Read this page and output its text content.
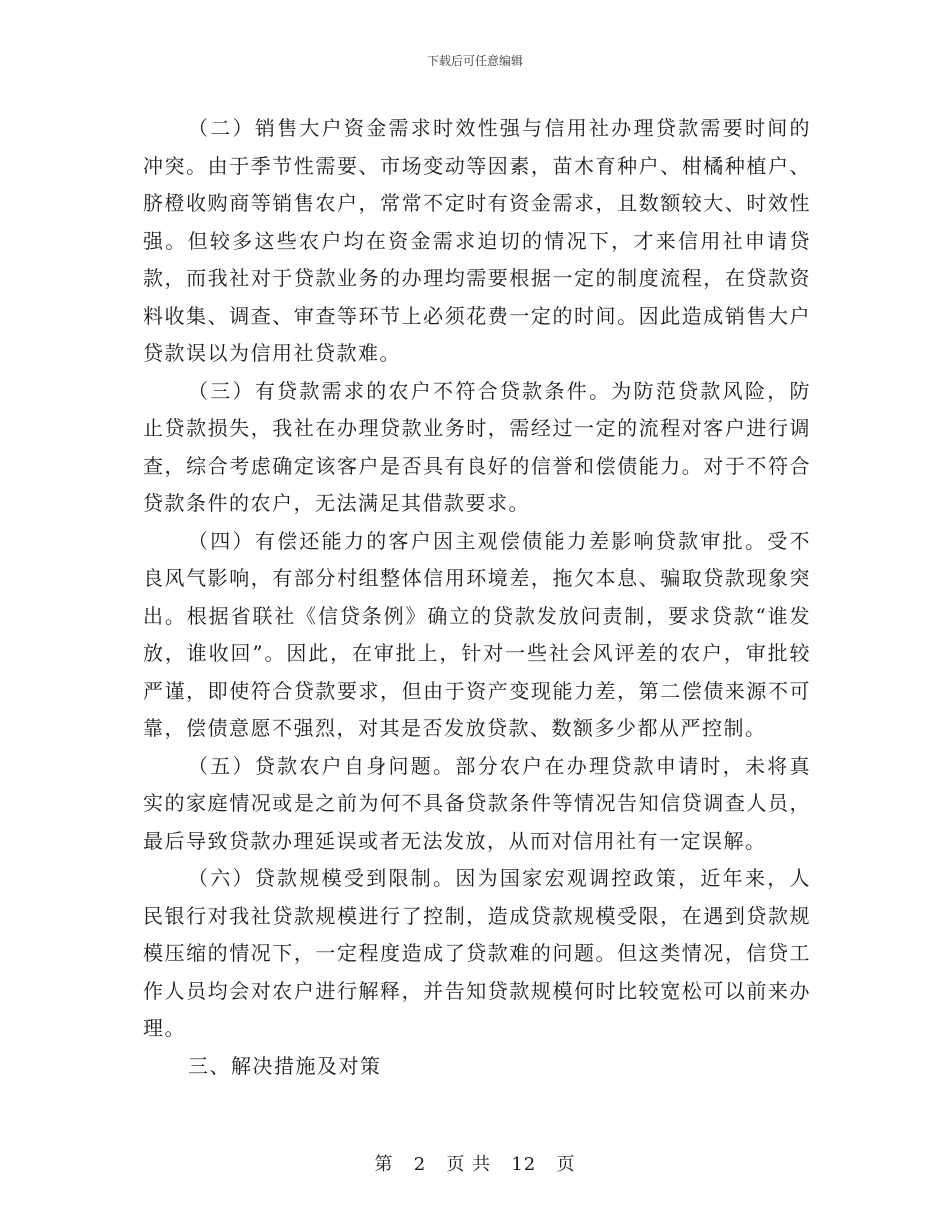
下载后可任意编辑

（二）销售大户资金需求时效性强与信用社办理贷款需要时间的冲突。由于季节性需要、市场变动等因素，苗木育种户、柑橘种植户、脐橙收购商等销售农户，常常不定时有资金需求，且数额较大、时效性强。但较多这些农户均在资金需求迫切的情况下，才来信用社申请贷款，而我社对于贷款业务的办理均需要根据一定的制度流程，在贷款资料收集、调查、审查等环节上必须花费一定的时间。因此造成销售大户贷款误以为信用社贷款难。

（三）有贷款需求的农户不符合贷款条件。为防范贷款风险，防止贷款损失，我社在办理贷款业务时，需经过一定的流程对客户进行调查，综合考虑确定该客户是否具有良好的信誉和偿债能力。对于不符合贷款条件的农户，无法满足其借款要求。

（四）有偿还能力的客户因主观偿债能力差影响贷款审批。受不良风气影响，有部分村组整体信用环境差，拖欠本息、骗取贷款现象突出。根据省联社《信贷条例》确立的贷款发放问责制，要求贷款“谁发放，谁收回”。因此，在审批上，针对一些社会风评差的农户，审批较严谨，即使符合贷款要求，但由于资产变现能力差，第二偿债来源不可靠，偿债意愿不强烈，对其是否发放贷款、数额多少都从严控制。

（五）贷款农户自身问题。部分农户在办理贷款申请时，未将真实的家庭情况或是之前为何不具备贷款条件等情况告知信贷调查人员，最后导致贷款办理延误或者无法发放，从而对信用社有一定误解。

（六）贷款规模受到限制。因为国家宏观调控政策，近年来，人民银行对我社贷款规模进行了控制，造成贷款规模受限，在遇到贷款规模压缩的情况下，一定程度造成了贷款难的问题。但这类情况，信贷工作人员均会对农户进行解释，并告知贷款规模何时比较宽松可以前来办理。

三、解决措施及对策

第 2 页 共 12 页
